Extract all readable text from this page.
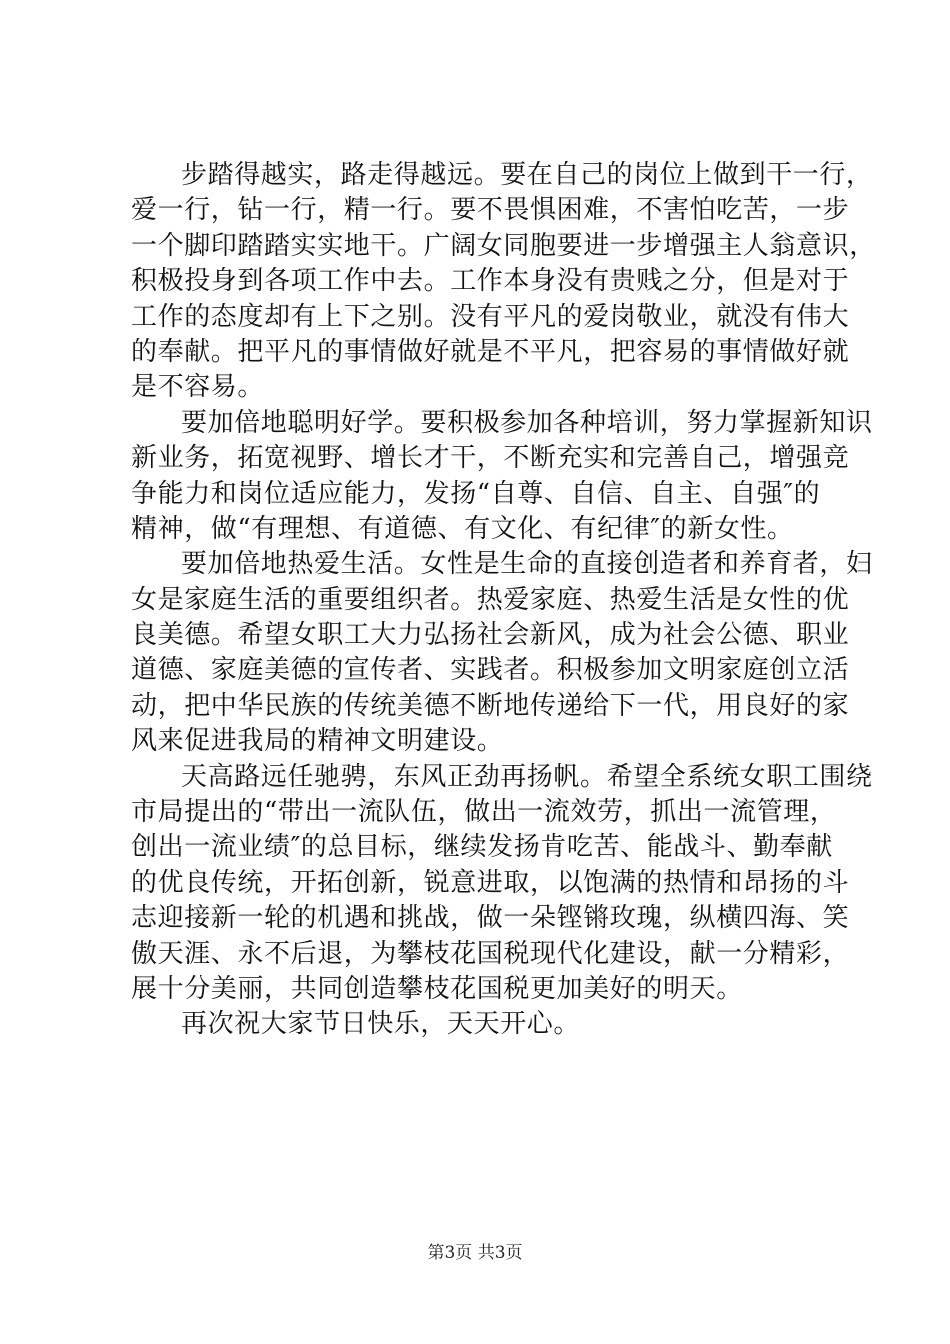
步踏得越实，路走得越远。要在自己的岗位上做到干一行，
爱一行，钻一行，精一行。要不畏惧困难，不害怕吃苦，一步
一个脚印踏踏实实地干。广阔女同胞要进一步增强主人翁意识，
积极投身到各项工作中去。工作本身没有贵贱之分，但是对于
工作的态度却有上下之别。没有平凡的爱岗敬业，就没有伟大
的奉献。把平凡的事情做好就是不平凡，把容易的事情做好就
是不容易。
要加倍地聪明好学。要积极参加各种培训，努力掌握新知识
新业务，拓宽视野、增长才干，不断充实和完善自己，增强竞
争能力和岗位适应能力，发扬“自尊、自信、自主、自强″的
精神，做“有理想、有道德、有文化、有纪律″的新女性。
要加倍地热爱生活。女性是生命的直接创造者和养育者，妇
女是家庭生活的重要组织者。热爱家庭、热爱生活是女性的优
良美德。希望女职工大力弘扬社会新风，成为社会公德、职业
道德、家庭美德的宣传者、实践者。积极参加文明家庭创立活
动，把中华民族的传统美德不断地传递给下一代，用良好的家
风来促进我局的精神文明建设。
天高路远任驰骋，东风正劲再扬帆。希望全系统女职工围绕
市局提出的“带出一流队伍，做出一流效劳，抓出一流管理，
创出一流业绩″的总目标，继续发扬肯吃苦、能战斗、勤奉献
的优良传统，开拓创新，锐意进取，以饱满的热情和昂扬的斗
志迎接新一轮的机遇和挑战，做一朵铿锵玫瑰，纵横四海、笑
傲天涯、永不后退，为攀枝花国税现代化建设，献一分精彩，
展十分美丽，共同创造攀枝花国税更加美好的明天。
再次祝大家节日快乐，天天开心。
第3页 共3页
